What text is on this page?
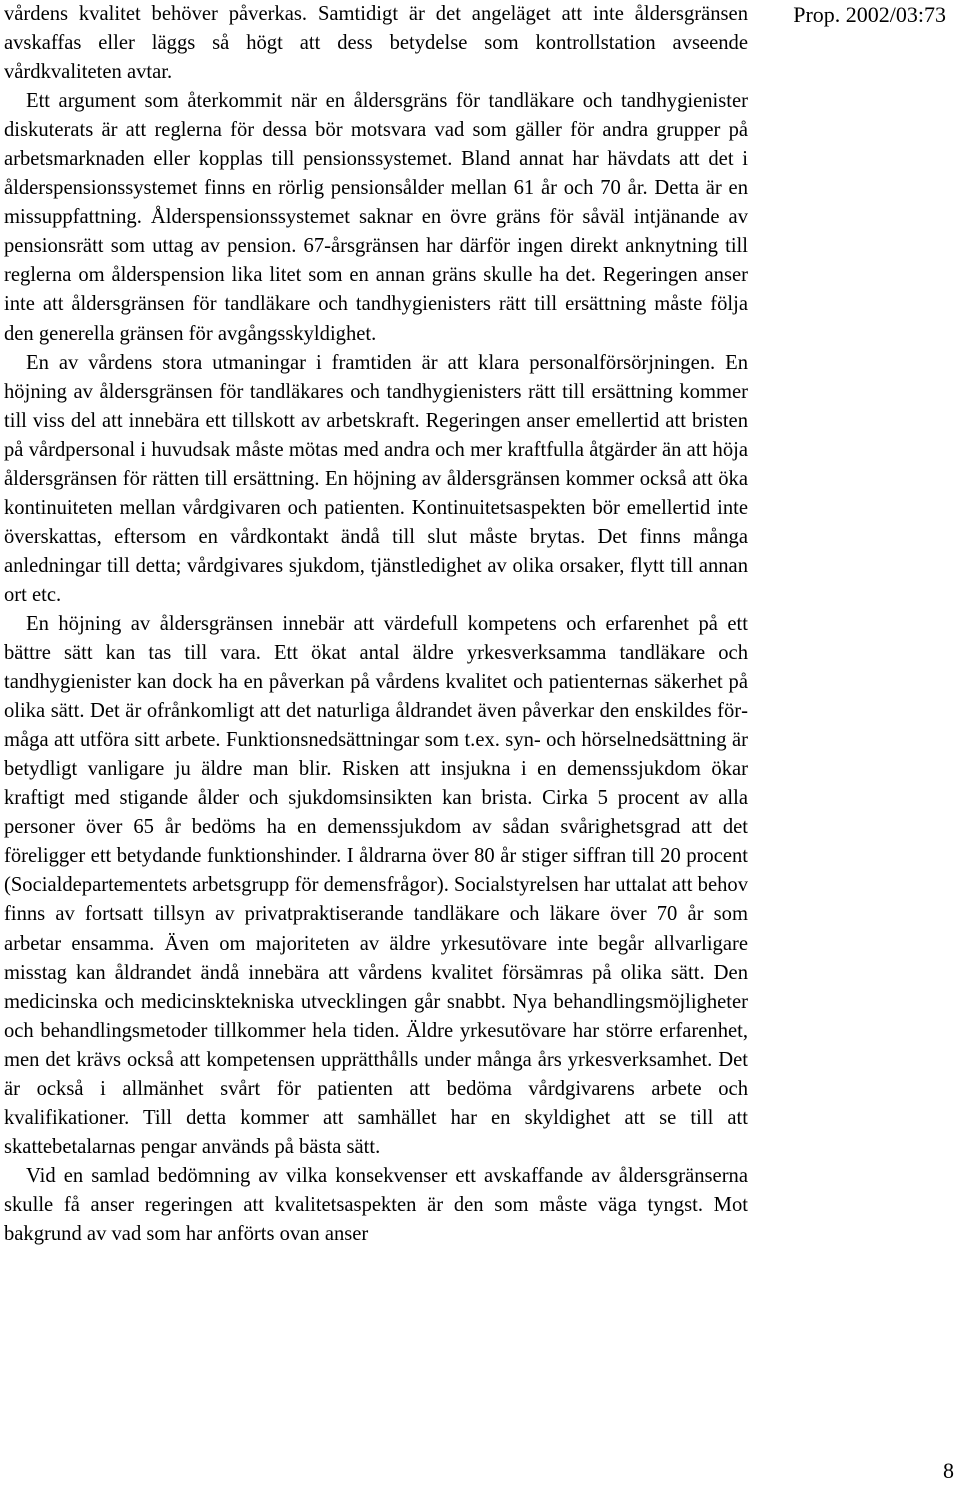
Prop. 2002/03:73

vårdens kvalitet behöver påverkas. Samtidigt är det angeläget att inte åldersgränsen avskaffas eller läggs så högt att dess betydelse som kontrollstation avseende vårdkvaliteten avtar.

Ett argument som återkommit när en åldersgräns för tandläkare och tandhygienister diskuterats är att reglerna för dessa bör motsvara vad som gäller för andra grupper på arbetsmarknaden eller kopplas till pensionssystemet. Bland annat har hävdats att det i ålderspensionssystemet finns en rörlig pensionsålder mellan 61 år och 70 år. Detta är en missuppfattning. Ålderspensionssystemet saknar en övre gräns för såväl intjänande av pensionsrätt som uttag av pension. 67-årsgränsen har därför ingen direkt anknytning till reglerna om ålderspension lika litet som en annan gräns skulle ha det. Regeringen anser inte att åldersgränsen för tandläkare och tandhygienisters rätt till ersättning måste följa den generella gränsen för avgångsskyldighet.

En av vårdens stora utmaningar i framtiden är att klara personalförsörjningen. En höjning av åldersgränsen för tandläkares och tandhygienisters rätt till ersättning kommer till viss del att innebära ett tillskott av arbetskraft. Regeringen anser emellertid att bristen på vårdpersonal i huvudsak måste mötas med andra och mer kraftfulla åtgärder än att höja åldersgränsen för rätten till ersättning. En höjning av åldersgränsen kommer också att öka kontinuiteten mellan vårdgivaren och patienten. Kontinuitetsaspekten bör emellertid inte överskattas, eftersom en vårdkontakt ändå till slut måste brytas. Det finns många anledningar till detta; vårdgivares sjukdom, tjänstledighet av olika orsaker, flytt till annan ort etc.

En höjning av åldersgränsen innebär att värdefull kompetens och erfarenhet på ett bättre sätt kan tas till vara. Ett ökat antal äldre yrkesverksamma tandläkare och tandhygienister kan dock ha en påverkan på vårdens kvalitet och patienternas säkerhet på olika sätt. Det är ofrånkomligt att det naturliga åldrandet även påverkar den enskildes förmåga att utföra sitt arbete. Funktionsnedsättningar som t.ex. syn- och hörselnedsättning är betydligt vanligare ju äldre man blir. Risken att insjukna i en demenssjukdom ökar kraftigt med stigande ålder och sjukdomsinsikten kan brista. Cirka 5 procent av alla personer över 65 år bedöms ha en demenssjukdom av sådan svårighetsgrad att det föreligger ett betydande funktionshinder. I åldrarna över 80 år stiger siffran till 20 procent (Socialdepartementets arbetsgrupp för demensfrågor). Socialstyrelsen har uttalat att behov finns av fortsatt tillsyn av privatpraktiserande tandläkare och läkare över 70 år som arbetar ensamma. Även om majoriteten av äldre yrkesutövare inte begår allvarligare misstag kan åldrandet ändå innebära att vårdens kvalitet försämras på olika sätt. Den medicinska och medicinsktekniska utvecklingen går snabbt. Nya behandlingsmöjligheter och behandlingsmetoder tillkommer hela tiden. Äldre yrkesutövare har större erfarenhet, men det krävs också att kompetensen upprätthålls under många års yrkesverksamhet. Det är också i allmänhet svårt för patienten att bedöma vårdgivarens arbete och kvalifikationer. Till detta kommer att samhället har en skyldighet att se till att skattebetalarnas pengar används på bästa sätt.

Vid en samlad bedömning av vilka konsekvenser ett avskaffande av åldersgränserna skulle få anser regeringen att kvalitetsaspekten är den som måste väga tyngst. Mot bakgrund av vad som har anförts ovan anser

8
